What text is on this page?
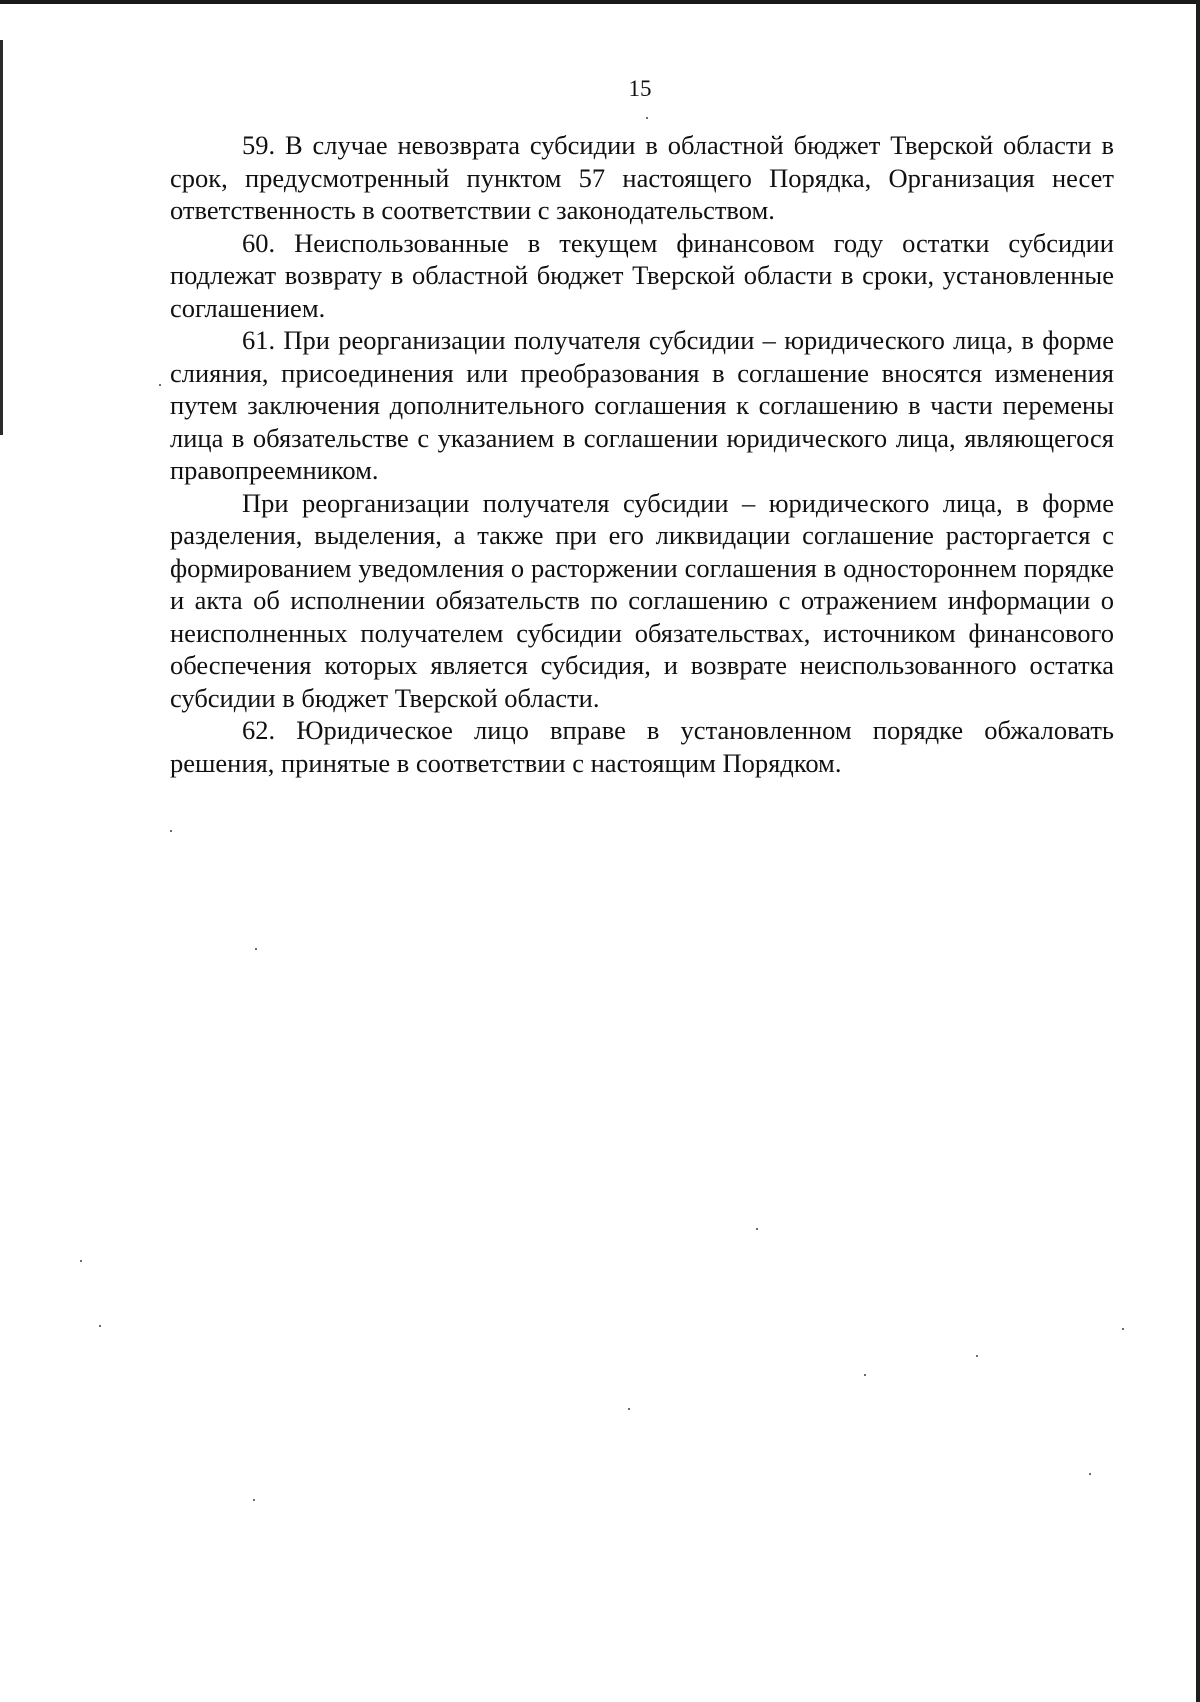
15

59. В случае невозврата субсидии в областной бюджет Тверской области в срок, предусмотренный пунктом 57 настоящего Порядка, Организация несет ответственность в соответствии с законодательством.

60. Неиспользованные в текущем финансовом году остатки субсидии подлежат возврату в областной бюджет Тверской области в сроки, установленные соглашением.

61. При реорганизации получателя субсидии – юридического лица, в форме слияния, присоединения или преобразования в соглашение вносятся изменения путем заключения дополнительного соглашения к соглашению в части перемены лица в обязательстве с указанием в соглашении юридического лица, являющегося правопреемником.

При реорганизации получателя субсидии – юридического лица, в форме разделения, выделения, а также при его ликвидации соглашение расторгается с формированием уведомления о расторжении соглашения в одностороннем порядке и акта об исполнении обязательств по соглашению с отражением информации о неисполненных получателем субсидии обязательствах, источником финансового обеспечения которых является субсидия, и возврате неиспользованного остатка субсидии в бюджет Тверской области.

62. Юридическое лицо вправе в установленном порядке обжаловать решения, принятые в соответствии с настоящим Порядком.
